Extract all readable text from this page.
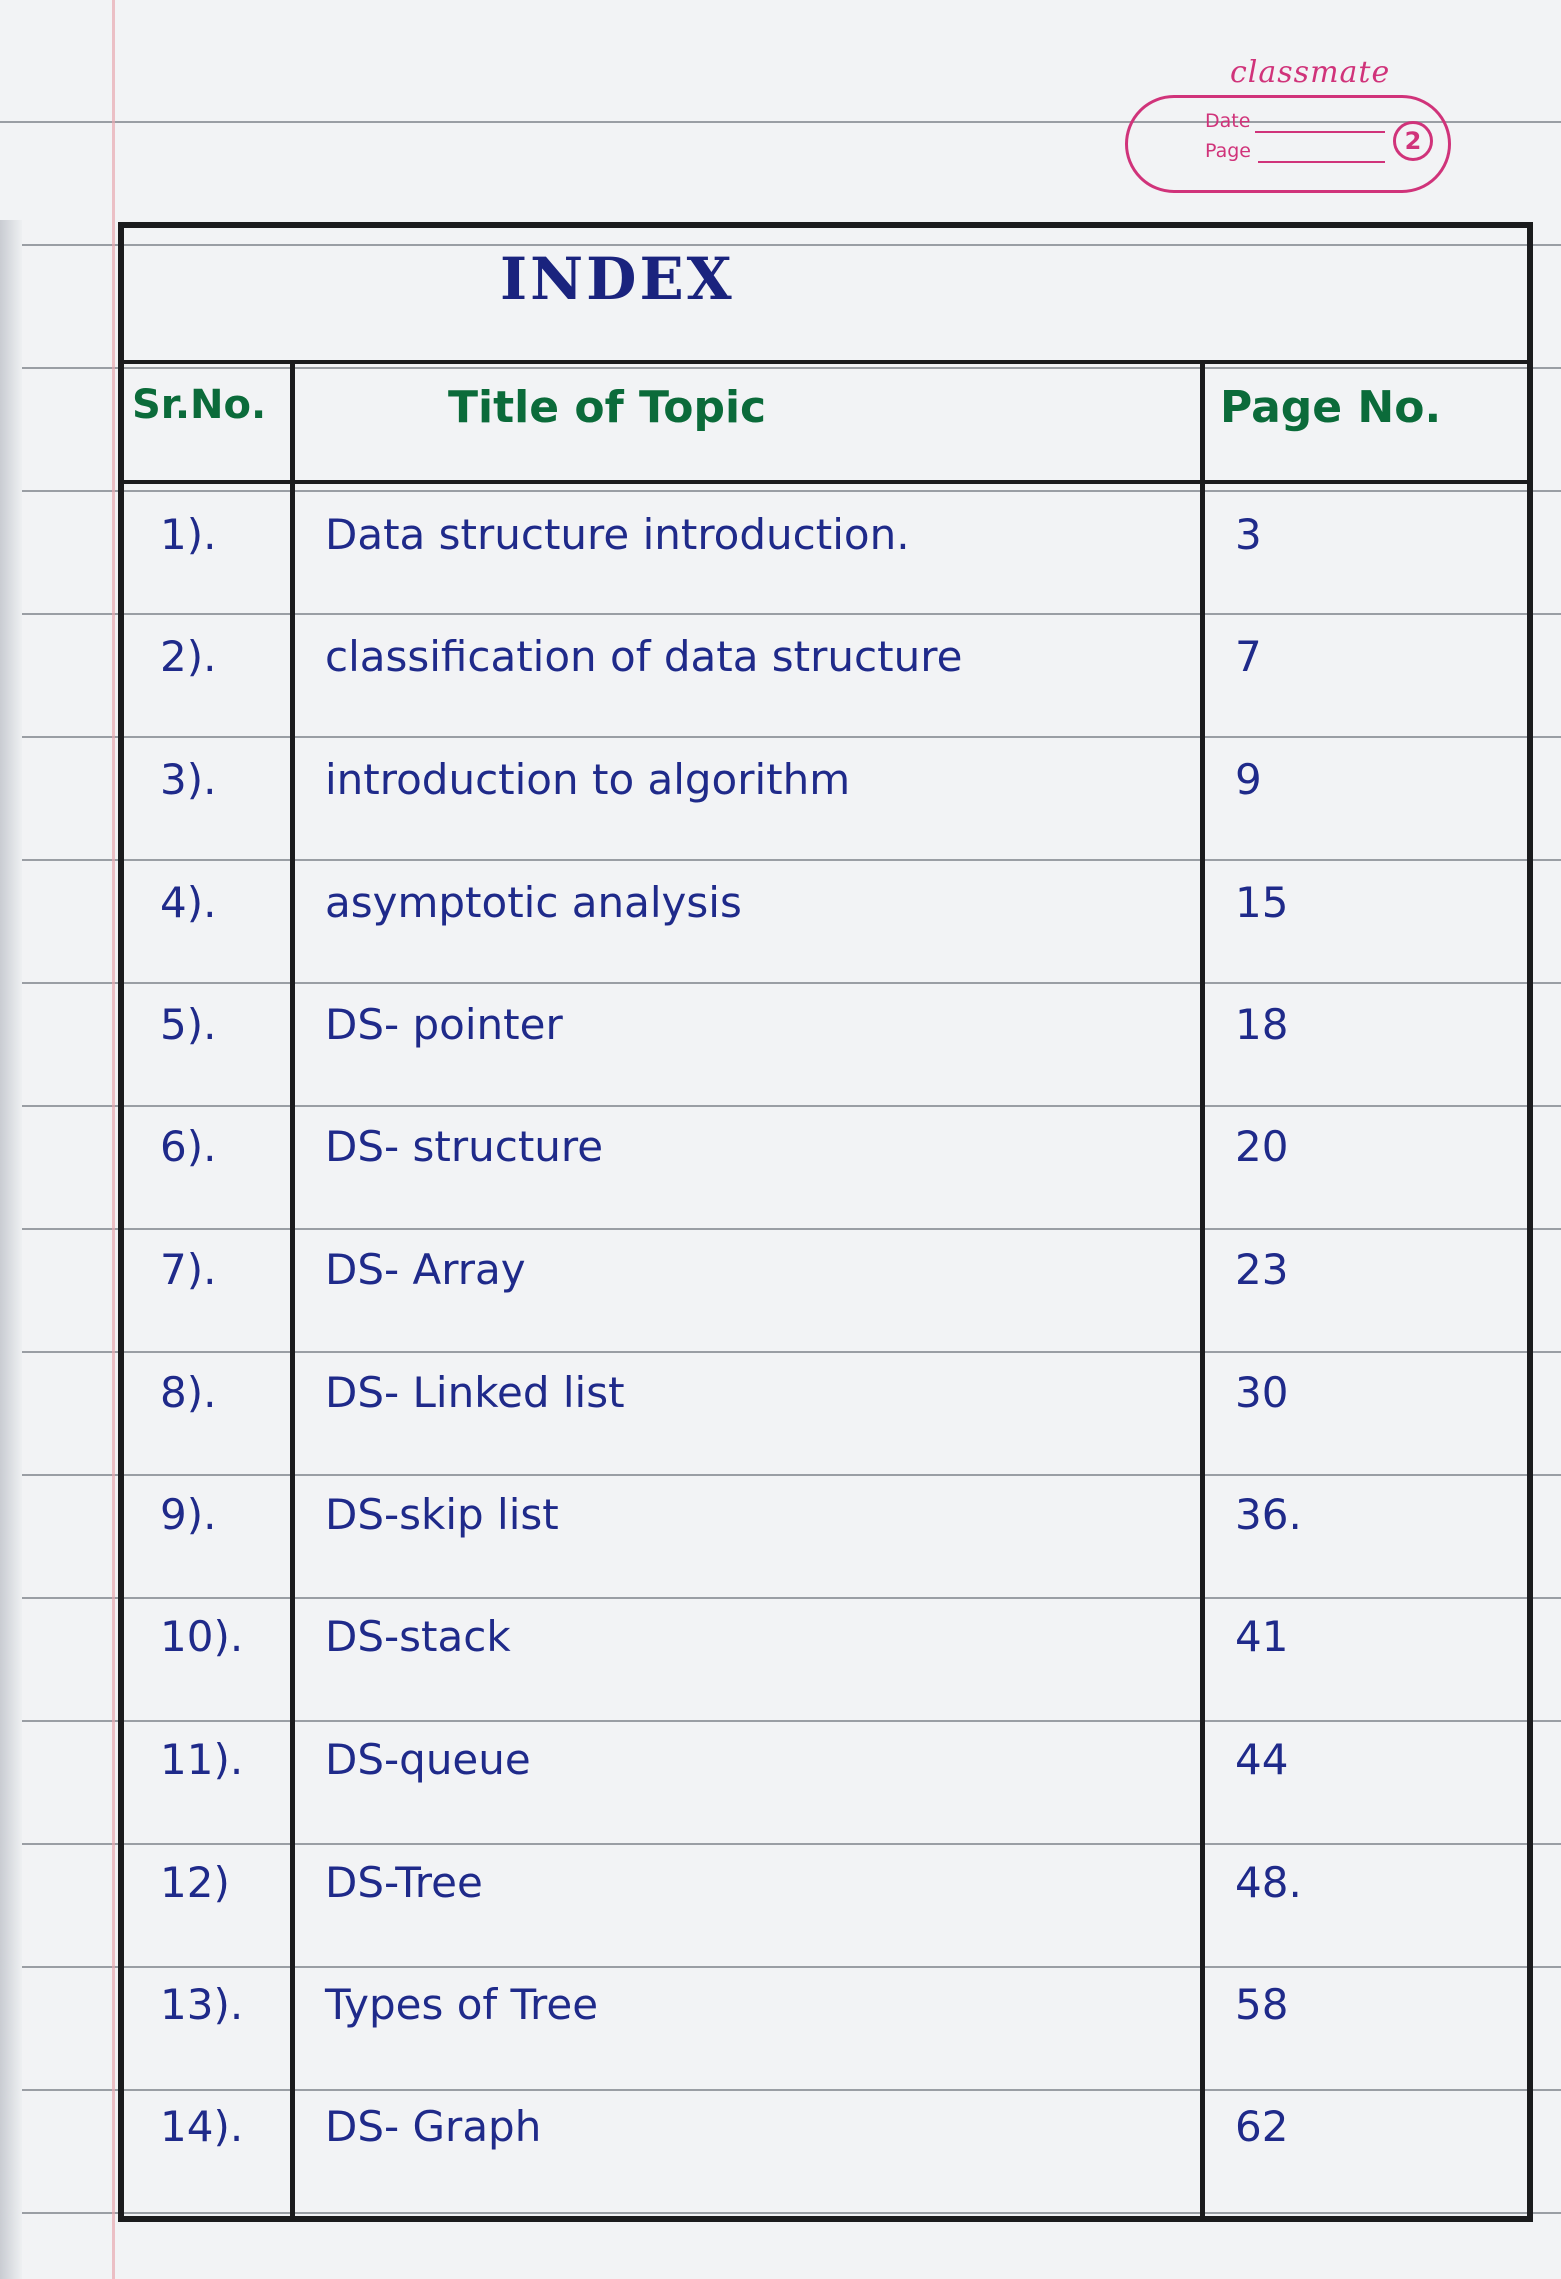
classmate
Date
Page	2
INDEX
Sr.No.	Title of Topic	Page No.
1).	Data structure introduction.	3
2).	classification of data structure	7
3).	introduction to algorithm	9
4).	asymptotic analysis	15
5).	DS- pointer	18
6).	DS- structure	20
7).	DS- Array	23
8).	DS- Linked list	30
9).	DS-skip list	36.
10).	DS-stack	41
11).	DS-queue	44
12)	DS-Tree	48.
13).	Types of Tree	58
14).	DS- Graph	62
